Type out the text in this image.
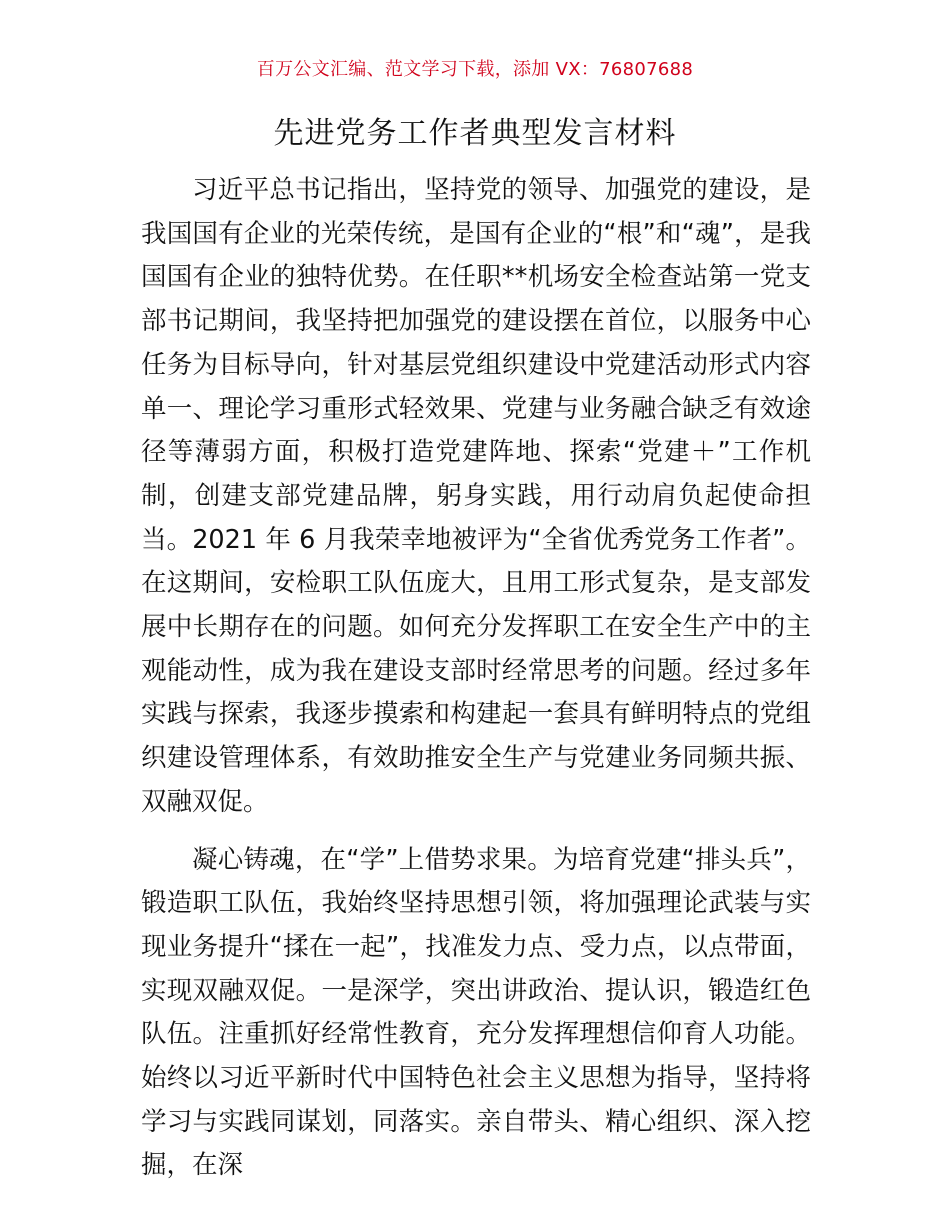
百万公文汇编、范文学习下载，添加 VX：76807688
先进党务工作者典型发言材料

习近平总书记指出，坚持党的领导、加强党的建设，是我国国有企业的光荣传统，是国有企业的“根”和“魂”，是我国国有企业的独特优势。在任职**机场安全检查站第一党支部书记期间，我坚持把加强党的建设摆在首位，以服务中心任务为目标导向，针对基层党组织建设中党建活动形式内容单一、理论学习重形式轻效果、党建与业务融合缺乏有效途径等薄弱方面，积极打造党建阵地、探索“党建＋”工作机制，创建支部党建品牌，躬身实践，用行动肩负起使命担当。2021 年 6 月我荣幸地被评为“全省优秀党务工作者”。在这期间，安检职工队伍庞大，且用工形式复杂，是支部发展中长期存在的问题。如何充分发挥职工在安全生产中的主观能动性，成为我在建设支部时经常思考的问题。经过多年实践与探索，我逐步摸索和构建起一套具有鲜明特点的党组织建设管理体系，有效助推安全生产与党建业务同频共振、双融双促。

凝心铸魂，在“学”上借势求果。为培育党建“排头兵”，锻造职工队伍，我始终坚持思想引领，将加强理论武装与实现业务提升“揉在一起”，找准发力点、受力点，以点带面，实现双融双促。一是深学，突出讲政治、提认识，锻造红色队伍。注重抓好经常性教育，充分发挥理想信仰育人功能。始终以习近平新时代中国特色社会主义思想为指导，坚持将学习与实践同谋划，同落实。亲自带头、精心组织、深入挖掘，在深
